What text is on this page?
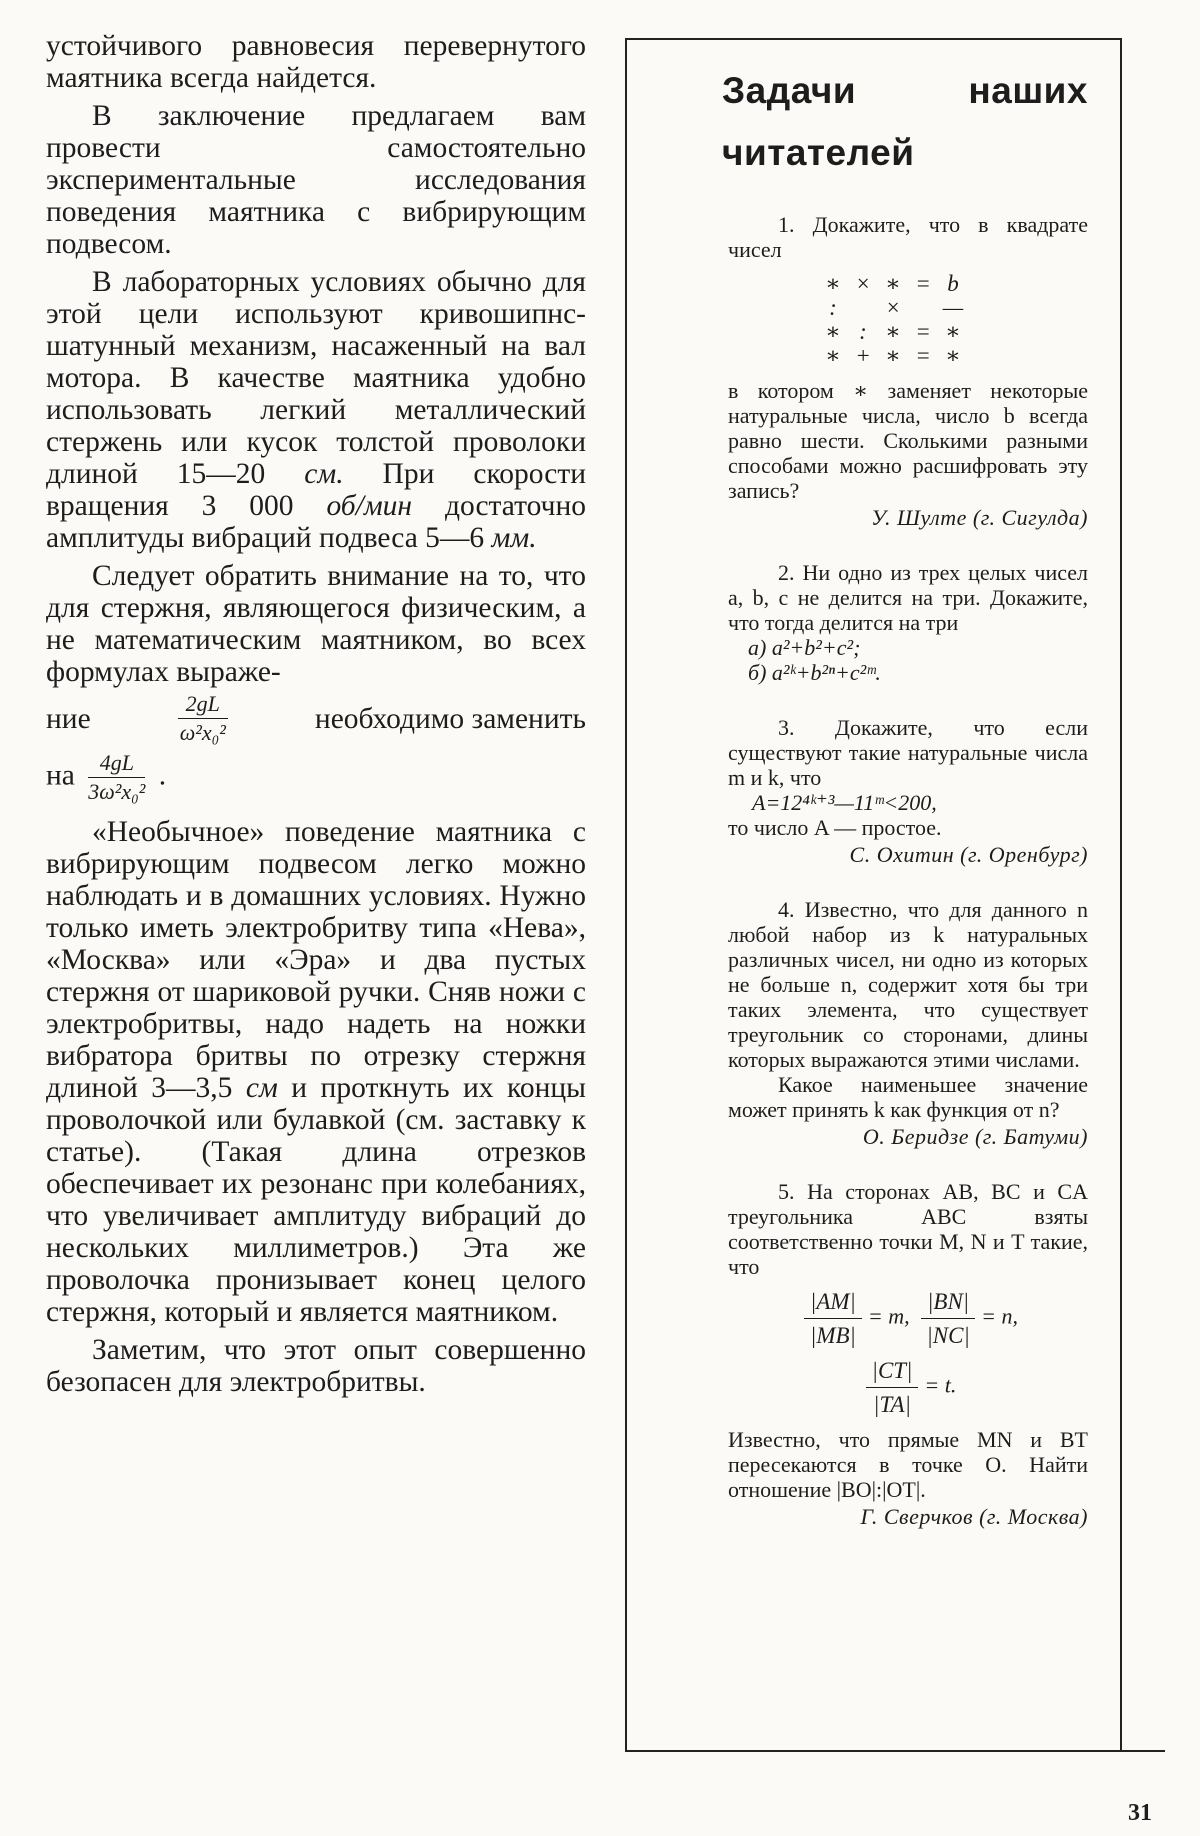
устойчивого равновесия перевернутого маятника всегда найдется.

В заключение предлагаем вам провести самостоятельно экспериментальные исследования поведения маятника с вибрирующим подвесом.

В лабораторных условиях обычно для этой цели используют кривошипнс-шатунный механизм, насаженный на вал мотора. В качестве маятника удобно использовать легкий металлический стержень или кусок толстой проволоки длиной 15—20 см. При скорости вращения 3 000 об/мин достаточно амплитуды вибраций подвеса 5—6 мм.

Следует обратить внимание на то, что для стержня, являющегося физическим, а не математическим маятником, во всех формулах выраже-

ние	$\frac{2gL}{\text{ω²x₀²}}$	необходимо заменить
на $\frac{4gL}{\text{3ω²x₀²}}$ .

«Необычное» поведение маятника с вибрирующим подвесом легко можно наблюдать и в домашних условиях. Нужно только иметь электробритву типа «Нева», «Москва» или «Эра» и два пустых стержня от шариковой ручки. Сняв ножи с электробритвы, надо надеть на ножки вибратора бритвы по отрезку стержня длиной 3—3,5 см и проткнуть их концы проволочкой или булавкой (см. заставку к статье). (Такая длина отрезков обеспечивает их резонанс при колебаниях, что увеличивает амплитуду вибраций до нескольких миллиметров.) Эта же проволочка пронизывает конец целого стержня, который и является маятником.

Заметим, что этот опыт совершенно безопасен для электробритвы.

Задачи наших читателей

1. Докажите, что в квадрате чисел

∗ × ∗ = b
:	×	—
∗ : ∗ = ∗
∗ + ∗ = ∗

в котором ∗ заменяет некоторые натуральные числа, число b всегда равно шести. Сколькими разными способами можно расшифровать эту запись?

У. Шулте (г. Сигулда)

2. Ни одно из трех целых чисел a, b, c не делится на три. Докажите, что тогда делится на три

а) a²+b²+c²;

б) a²ᵏ+b²ⁿ+c²ᵐ.

3. Докажите, что если существуют такие натуральные числа m и k, что

A=12⁴ᵏ⁺³—11ᵐ<200,

то число A — простое.

С. Охитин (г. Оренбург)

4. Известно, что для данного n любой набор из k натуральных различных чисел, ни одно из которых не больше n, содержит хотя бы три таких элемента, что существует треугольник со сторонами, длины которых выражаются этими числами.

Какое наименьшее значение может принять k как функция от n?

О. Беридзе (г. Батуми)

5. На сторонах AB, BC и CA треугольника ABC взяты соответственно точки M, N и T такие, что

$\frac{|AM|}{|MB|} = m$, $\frac{|BN|}{|NC|} = n$,
$\frac{|CT|}{|TA|} = t$.

Известно, что прямые MN и BT пересекаются в точке O. Найти отношение |BO|:|OT|.

Г. Сверчков (г. Москва)
31
